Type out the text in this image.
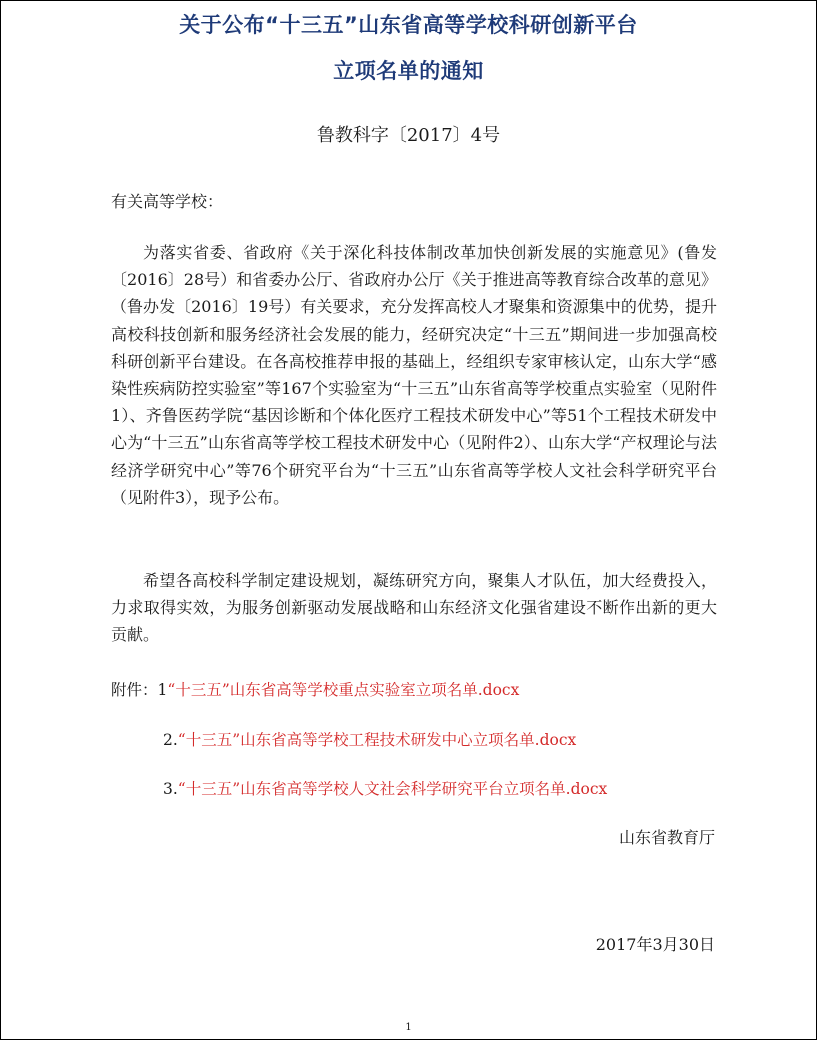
关于公布“十三五”山东省高等学校科研创新平台
立项名单的通知
鲁教科字〔2017〕4号
有关高等学校：

为落实省委、省政府《关于深化科技体制改革加快创新发展的实施意见》(鲁发〔2016〕28号）和省委办公厅、省政府办公厅《关于推进高等教育综合改革的意见》（鲁办发〔2016〕19号）有关要求，充分发挥高校人才聚集和资源集中的优势，提升高校科技创新和服务经济社会发展的能力，经研究决定“十三五”期间进一步加强高校科研创新平台建设。在各高校推荐申报的基础上，经组织专家审核认定，山东大学“感染性疾病防控实验室”等167个实验室为“十三五”山东省高等学校重点实验室（见附件1）、齐鲁医药学院“基因诊断和个体化医疗工程技术研发中心”等51个工程技术研发中心为“十三五”山东省高等学校工程技术研发中心（见附件2）、山东大学“产权理论与法经济学研究中心”等76个研究平台为“十三五”山东省高等学校人文社会科学研究平台（见附件3），现予公布。

希望各高校科学制定建设规划，凝练研究方向，聚集人才队伍，加大经费投入，力求取得实效，为服务创新驱动发展战略和山东经济文化强省建设不断作出新的更大贡献。

附件：1“十三五”山东省高等学校重点实验室立项名单.docx
2.“十三五”山东省高等学校工程技术研发中心立项名单.docx
3.“十三五”山东省高等学校人文社会科学研究平台立项名单.docx
山东省教育厅
2017年3月30日
1
